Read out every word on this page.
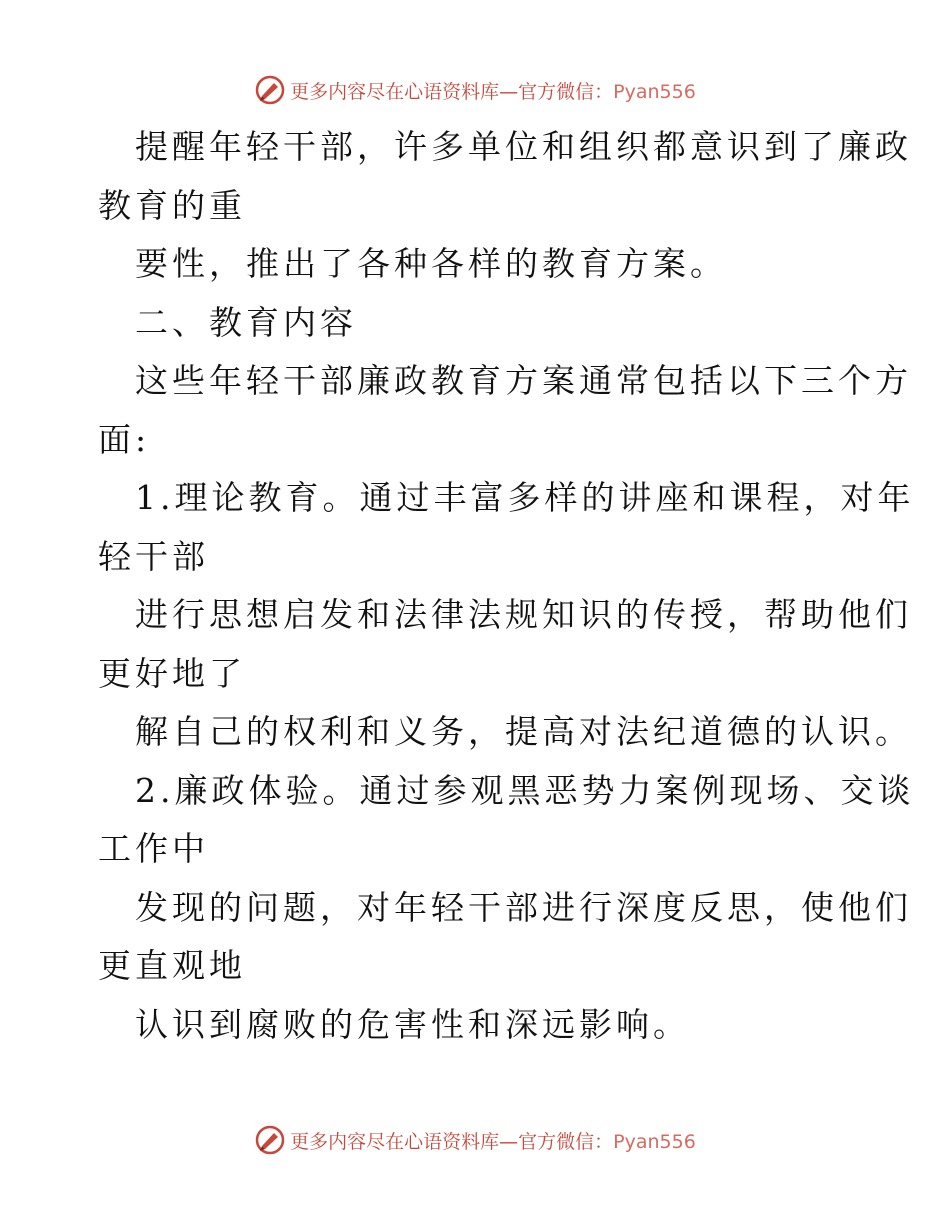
更多内容尽在心语资料库—官方微信：Pyan556
提醒年轻干部，许多单位和组织都意识到了廉政
教育的重
要性，推出了各种各样的教育方案。
二、教育内容
这些年轻干部廉政教育方案通常包括以下三个方
面:
1.理论教育。通过丰富多样的讲座和课程，对年
轻干部
进行思想启发和法律法规知识的传授，帮助他们
更好地了
解自己的权利和义务，提高对法纪道德的认识。
2.廉政体验。通过参观黑恶势力案例现场、交谈
工作中
发现的问题，对年轻干部进行深度反思，使他们
更直观地
认识到腐败的危害性和深远影响。
更多内容尽在心语资料库—官方微信：Pyan556
